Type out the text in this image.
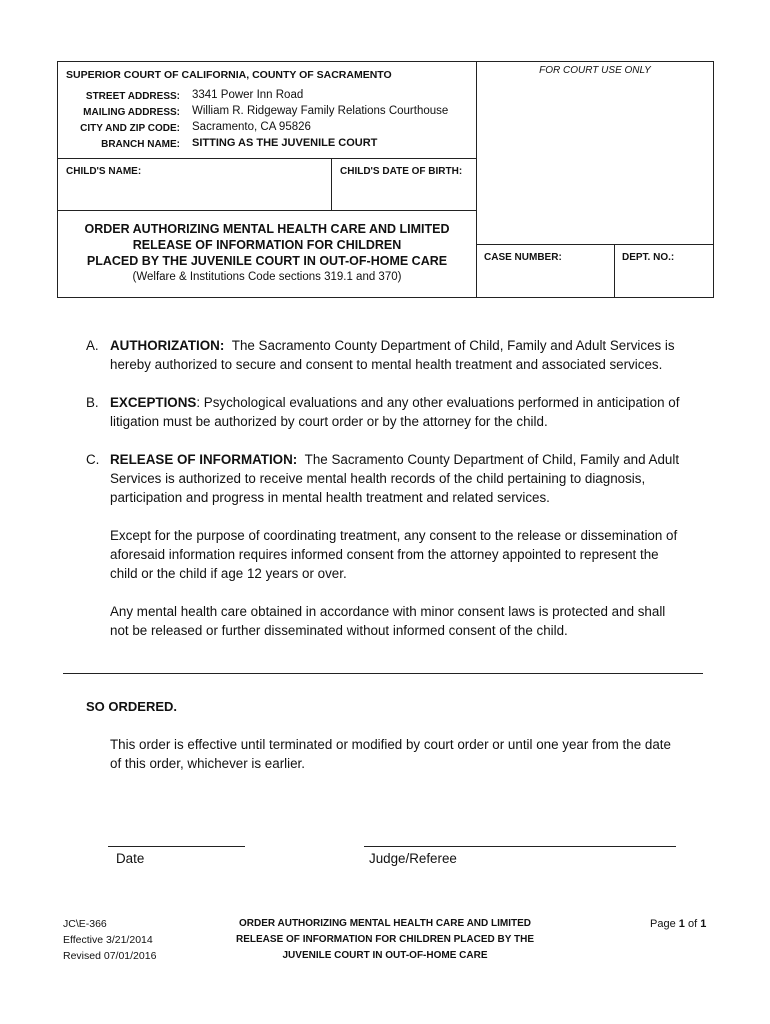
SUPERIOR COURT OF CALIFORNIA, COUNTY OF SACRAMENTO	FOR COURT USE ONLY
STREET ADDRESS: 3341 Power Inn Road
MAILING ADDRESS: William R. Ridgeway Family Relations Courthouse
CITY AND ZIP CODE: Sacramento, CA 95826
BRANCH NAME: SITTING AS THE JUVENILE COURT
CHILD'S NAME:	CHILD'S DATE OF BIRTH:
ORDER AUTHORIZING MENTAL HEALTH CARE AND LIMITED
RELEASE OF INFORMATION FOR CHILDREN
PLACED BY THE JUVENILE COURT IN OUT-OF-HOME CARE
(Welfare & Institutions Code sections 319.1 and 370)
CASE NUMBER:	DEPT. NO.:
A. AUTHORIZATION: The Sacramento County Department of Child, Family and Adult Services is
hereby authorized to secure and consent to mental health treatment and associated services.
B. EXCEPTIONS: Psychological evaluations and any other evaluations performed in anticipation of
litigation must be authorized by court order or by the attorney for the child.
C. RELEASE OF INFORMATION: The Sacramento County Department of Child, Family and Adult
Services is authorized to receive mental health records of the child pertaining to diagnosis,
participation and progress in mental health treatment and related services.
Except for the purpose of coordinating treatment, any consent to the release or dissemination of
aforesaid information requires informed consent from the attorney appointed to represent the
child or the child if age 12 years or over.
Any mental health care obtained in accordance with minor consent laws is protected and shall
not be released or further disseminated without informed consent of the child.
SO ORDERED.
This order is effective until terminated or modified by court order or until one year from the date
of this order, whichever is earlier.
Date	Judge/Referee
JC\E-366
Effective 3/21/2014
Revised 07/01/2016
ORDER AUTHORIZING MENTAL HEALTH CARE AND LIMITED
RELEASE OF INFORMATION FOR CHILDREN PLACED BY THE
JUVENILE COURT IN OUT-OF-HOME CARE
Page 1 of 1
